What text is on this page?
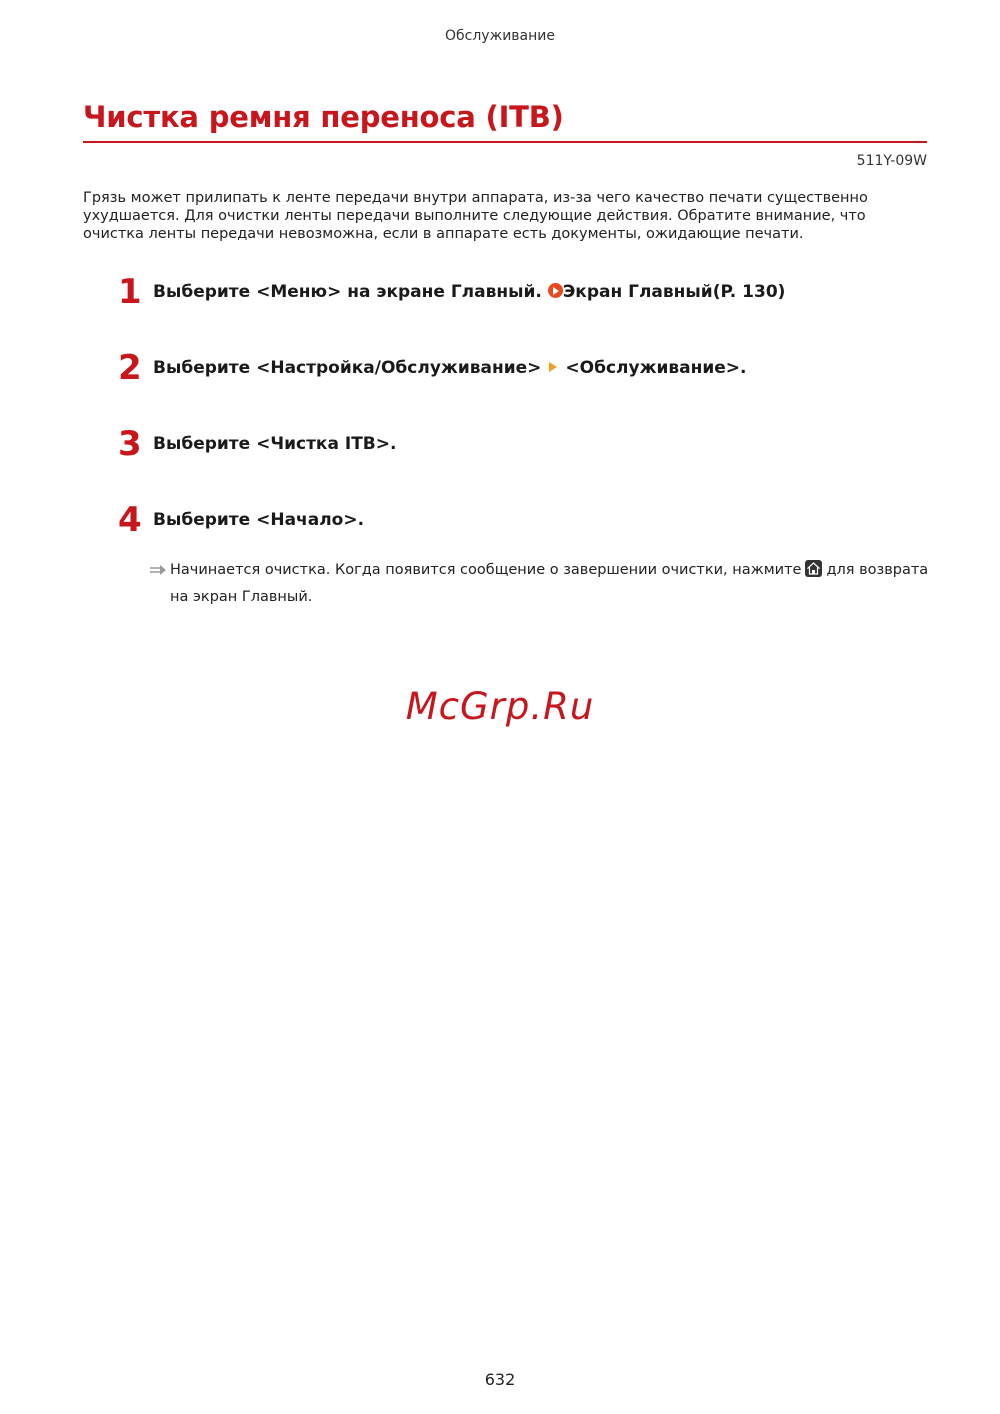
Обслуживание
Чистка ремня переноса (ITB)
511Y-09W

Грязь может прилипать к ленте передачи внутри аппарата, из-за чего качество печати существенно ухудшается. Для очистки ленты передачи выполните следующие действия. Обратите внимание, что очистка ленты передачи невозможна, если в аппарате есть документы, ожидающие печати.

1 Выберите <Меню> на экране Главный. Экран Главный(P. 130)
2 Выберите <Настройка/Обслуживание> <Обслуживание>.
3 Выберите <Чистка ITB>.
4 Выберите <Начало>.
Начинается очистка. Когда появится сообщение о завершении очистки, нажмите для возврата на экран Главный.
McGrp.Ru
632
